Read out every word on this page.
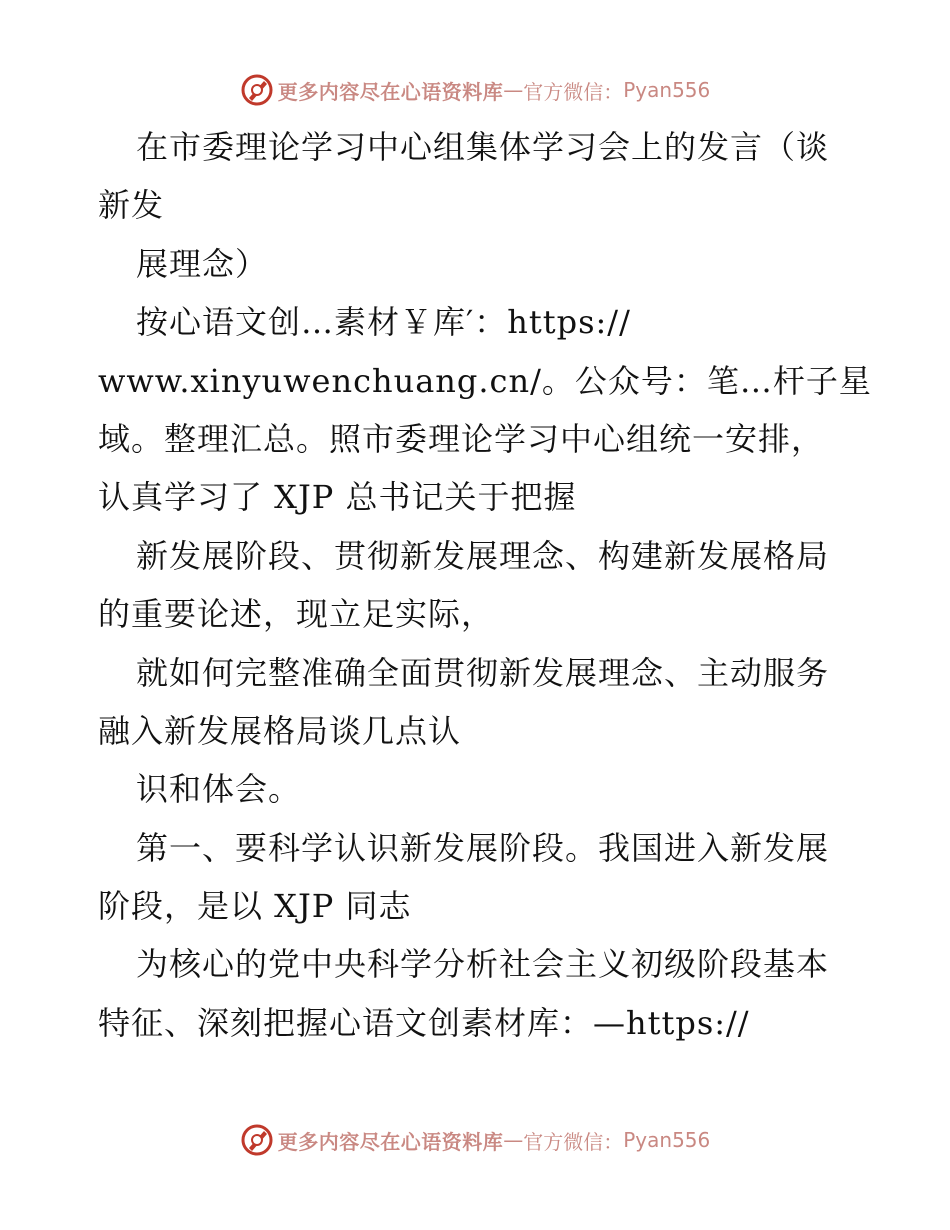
更多内容尽在心语资料库 — 官方微信： Pyan556
在市委理论学习中心组集体学习会上的发言（谈
新发
展理念）
按心语文创…素材￥库′：https://
www.xinyuwenchuang.cn/。公众号：笔…杆子星
域。整理汇总。照市委理论学习中心组统一安排，
认真学习了 XJP 总书记关于把握
新发展阶段、贯彻新发展理念、构建新发展格局
的重要论述，现立足实际，
就如何完整准确全面贯彻新发展理念、主动服务
融入新发展格局谈几点认
识和体会。
第一、要科学认识新发展阶段。我国进入新发展
阶段，是以 XJP 同志
为核心的党中央科学分析社会主义初级阶段基本
特征、深刻把握心语文创素材库：—https://
更多内容尽在心语资料库 — 官方微信： Pyan556
